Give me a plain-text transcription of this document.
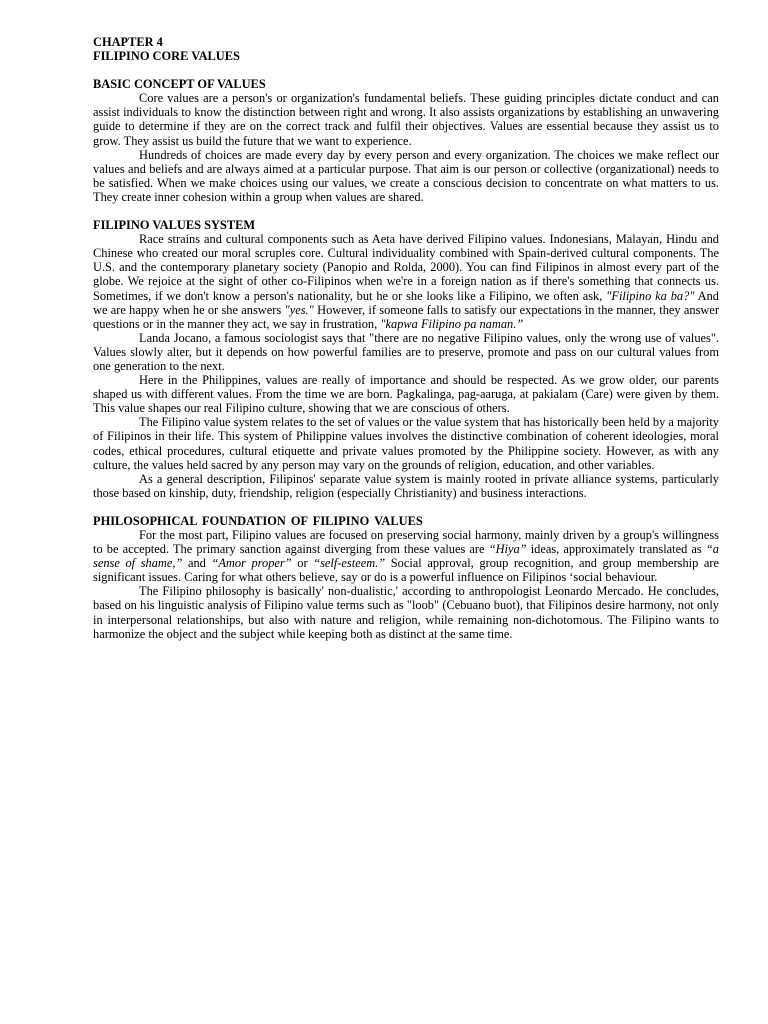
CHAPTER 4

FILIPINO CORE VALUES

BASIC CONCEPT OF VALUES

Core values are a person's or organization's fundamental beliefs. These guiding principles dictate conduct and can assist individuals to know the distinction between right and wrong. It also assists organizations by establishing an unwavering guide to determine if they are on the correct track and fulfil their objectives. Values are essential because they assist us to grow. They assist us build the future that we want to experience.

Hundreds of choices are made every day by every person and every organization. The choices we make reflect our values and beliefs and are always aimed at a particular purpose. That aim is our person or collective (organizational) needs to be satisfied. When we make choices using our values, we create a conscious decision to concentrate on what matters to us. They create inner cohesion within a group when values are shared.

FILIPINO VALUES SYSTEM

Race strains and cultural components such as Aeta have derived Filipino values. Indonesians, Malayan, Hindu and Chinese who created our moral scruples core. Cultural individuality combined with Spain-derived cultural components. The U.S. and the contemporary planetary society (Panopio and Rolda, 2000). You can find Filipinos in almost every part of the globe. We rejoice at the sight of other co-Filipinos when we're in a foreign nation as if there's something that connects us. Sometimes, if we don't know a person's nationality, but he or she looks like a Filipino, we often ask, "Filipino ka ba?" And we are happy when he or she answers "yes." However, if someone falls to satisfy our expectations in the manner, they answer questions or in the manner they act, we say in frustration, "kapwa Filipino pa naman.”

Landa Jocano, a famous sociologist says that "there are no negative Filipino values, only the wrong use of values". Values slowly alter, but it depends on how powerful families are to preserve, promote and pass on our cultural values from one generation to the next.

Here in the Philippines, values are really of importance and should be respected. As we grow older, our parents shaped us with different values. From the time we are born. Pagkalinga, pag-aaruga, at pakialam (Care) were given by them. This value shapes our real Filipino culture, showing that we are conscious of others.

The Filipino value system relates to the set of values or the value system that has historically been held by a majority of Filipinos in their life. This system of Philippine values involves the distinctive combination of coherent ideologies, moral codes, ethical procedures, cultural etiquette and private values promoted by the Philippine society. However, as with any culture, the values held sacred by any person may vary on the grounds of religion, education, and other variables.

As a general description, Filipinos' separate value system is mainly rooted in private alliance systems, particularly those based on kinship, duty, friendship, religion (especially Christianity) and business interactions.

PHILOSOPHICAL FOUNDATION OF FILIPINO VALUES

For the most part, Filipino values are focused on preserving social harmony, mainly driven by a group's willingness to be accepted. The primary sanction against diverging from these values are “Hiya” ideas, approximately translated as “a sense of shame,” and “Amor proper” or “self-esteem.” Social approval, group recognition, and group membership are significant issues. Caring for what others believe, say or do is a powerful influence on Filipinos ‘social behaviour.

The Filipino philosophy is basically' non-dualistic,' according to anthropologist Leonardo Mercado. He concludes, based on his linguistic analysis of Filipino value terms such as "loob" (Cebuano buot), that Filipinos desire harmony, not only in interpersonal relationships, but also with nature and religion, while remaining non-dichotomous. The Filipino wants to harmonize the object and the subject while keeping both as distinct at the same time.
